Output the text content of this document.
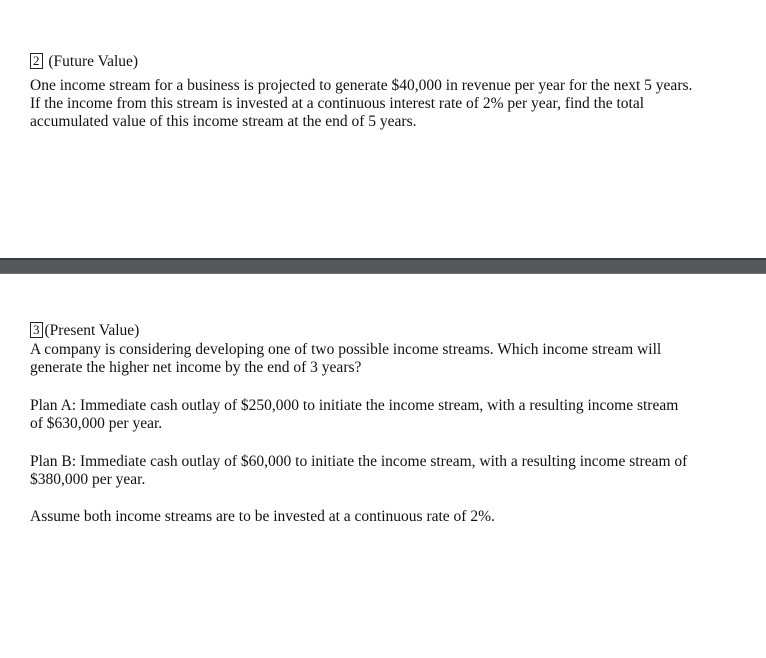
2 (Future Value)
One income stream for a business is projected to generate $40,000 in revenue per year for the next 5 years.
If the income from this stream is invested at a continuous interest rate of 2% per year, find the total
accumulated value of this income stream at the end of 5 years.
3 (Present Value)
A company is considering developing one of two possible income streams. Which income stream will
generate the higher net income by the end of 3 years?
Plan A: Immediate cash outlay of $250,000 to initiate the income stream, with a resulting income stream
of $630,000 per year.
Plan B: Immediate cash outlay of $60,000 to initiate the income stream, with a resulting income stream of
$380,000 per year.
Assume both income streams are to be invested at a continuous rate of 2%.
